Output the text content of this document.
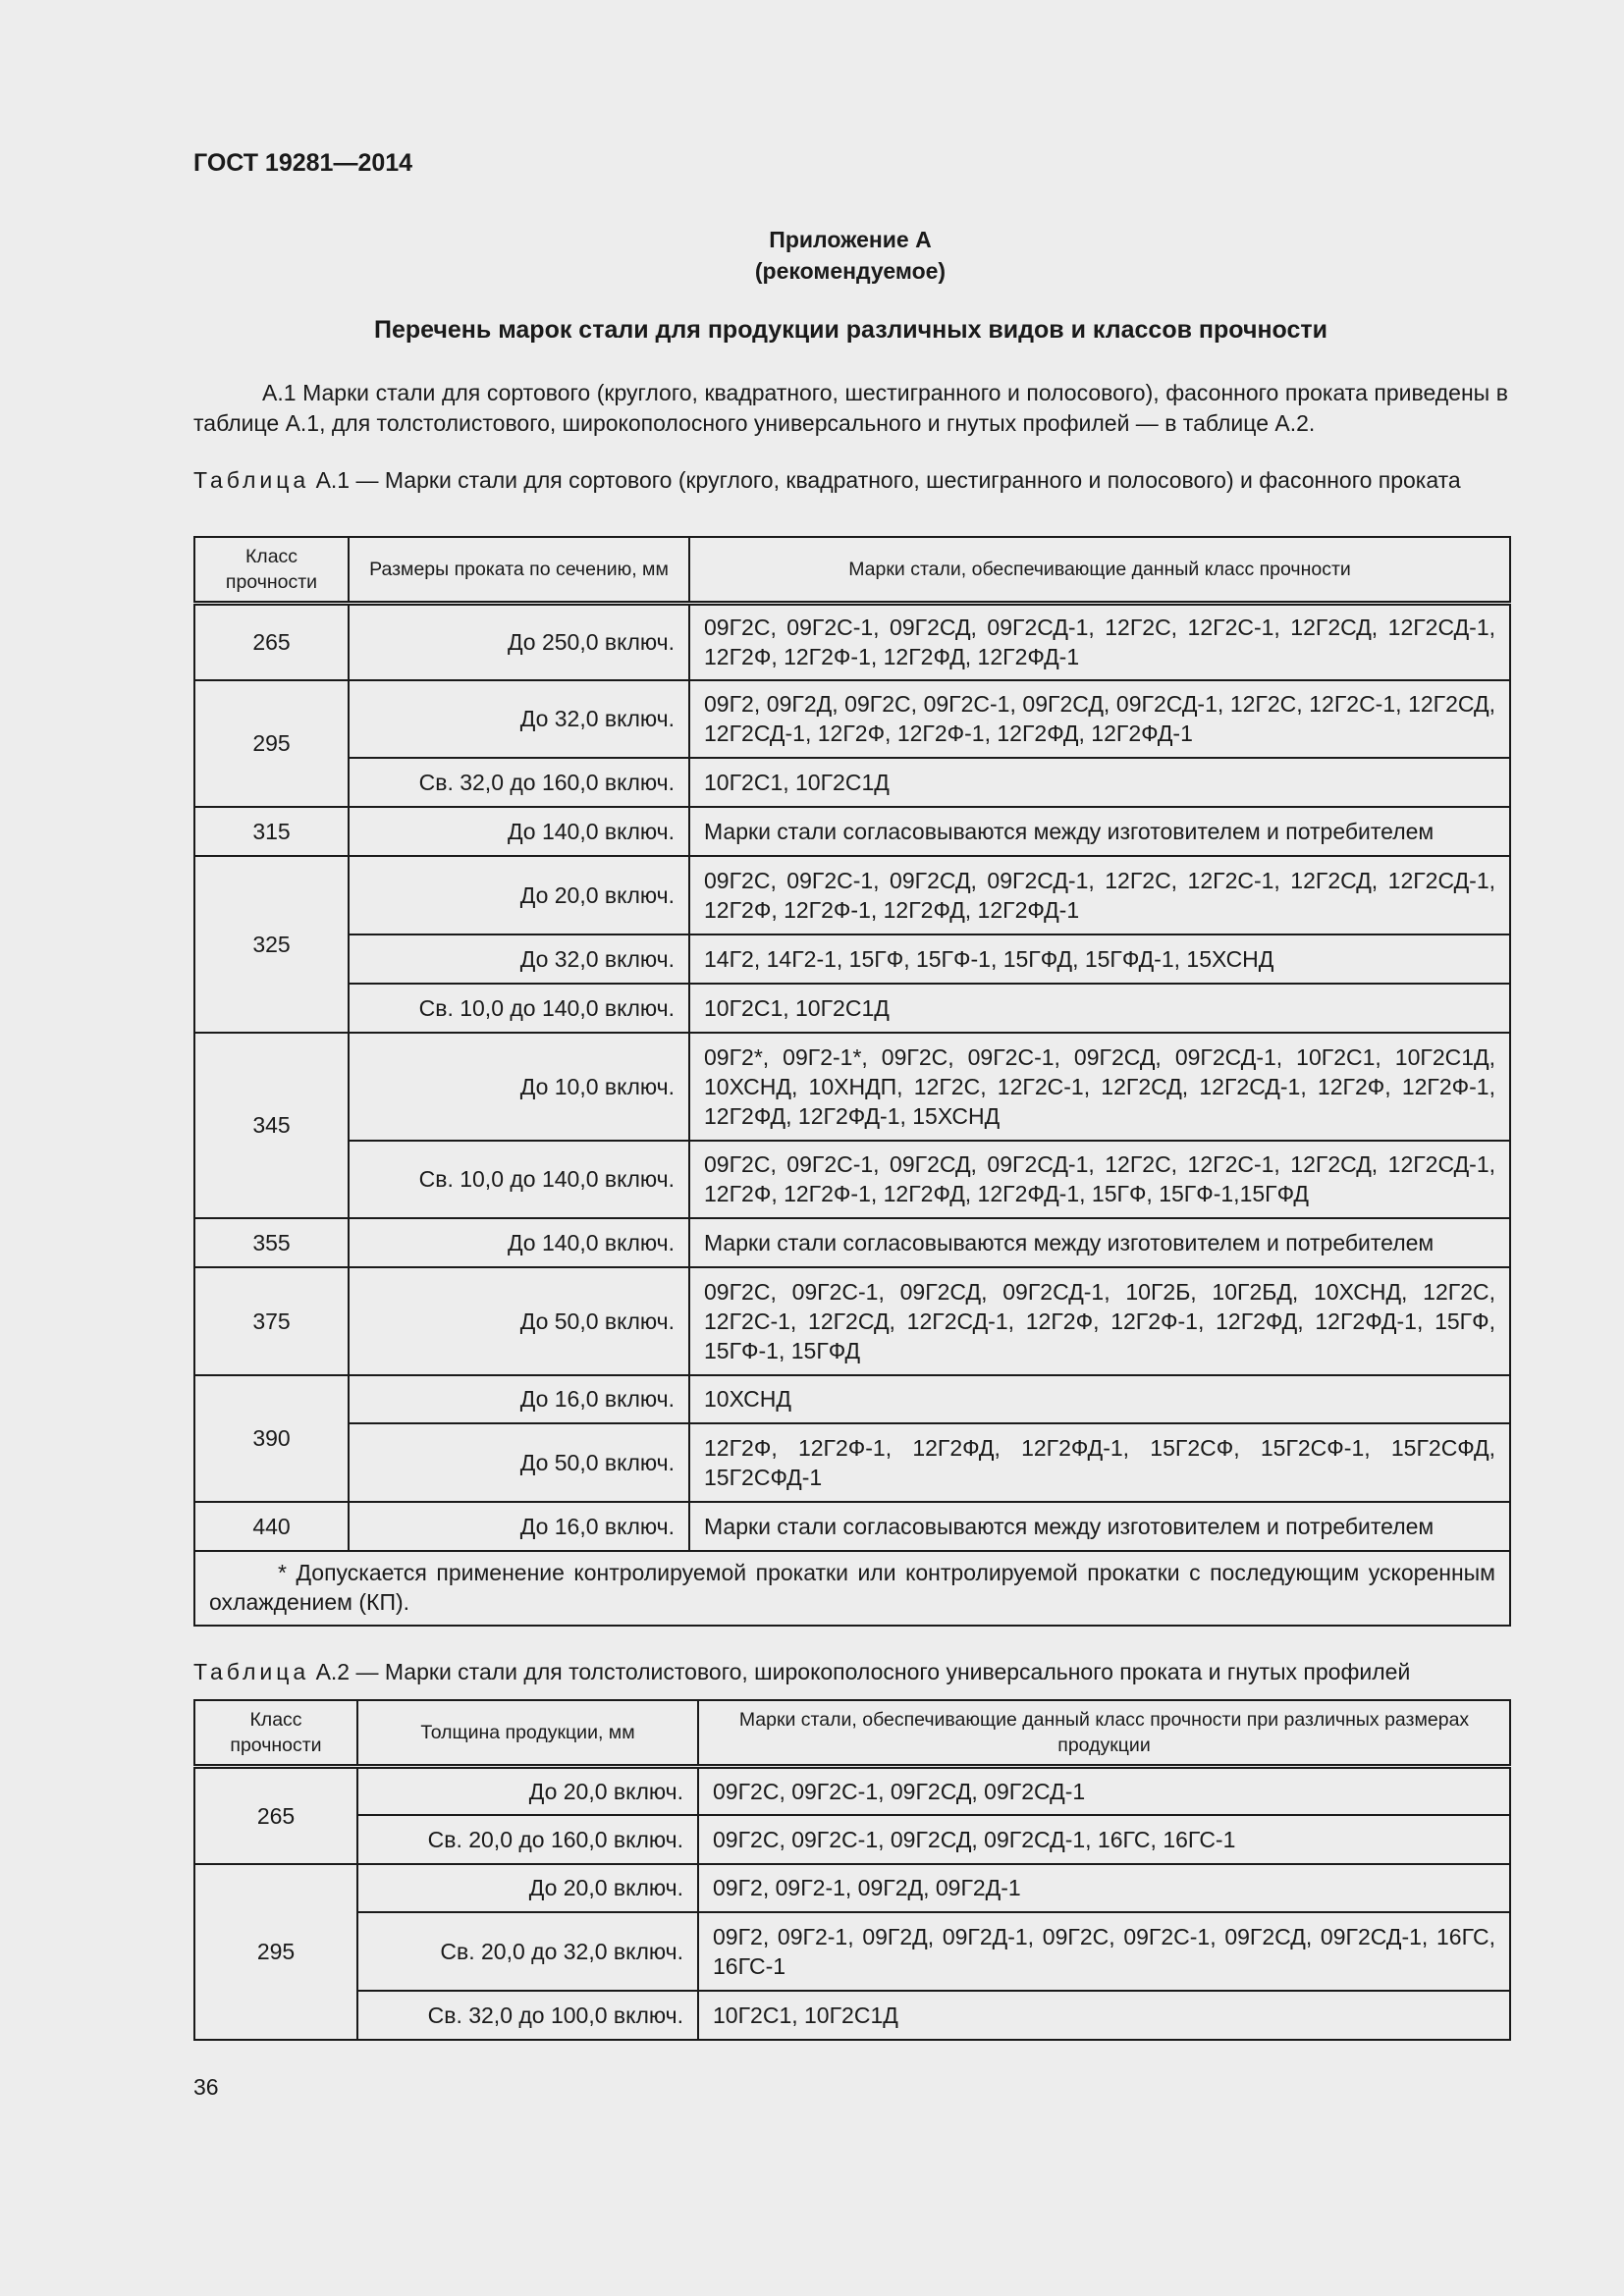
ГОСТ 19281—2014
Приложение А
(рекомендуемое)
Перечень марок стали для продукции различных видов и классов прочности
А.1 Марки стали для сортового (круглого, квадратного, шестигранного и полосового), фасонного проката приведены в таблице А.1, для толстолистового, широкополосного универсального и гнутых профилей — в таблице А.2.
Таблица А.1 — Марки стали для сортового (круглого, квадратного, шестигранного и полосового) и фасонного проката
Класс прочности	Размеры проката по сечению, мм	Марки стали, обеспечивающие данный класс прочности
265	До 250,0 включ.	09Г2С, 09Г2С-1, 09Г2СД, 09Г2СД-1, 12Г2С, 12Г2С-1, 12Г2СД, 12Г2СД-1, 12Г2Ф, 12Г2Ф-1, 12Г2ФД, 12Г2ФД-1
295	До 32,0 включ.	09Г2, 09Г2Д, 09Г2С, 09Г2С-1, 09Г2СД, 09Г2СД-1, 12Г2С, 12Г2С-1, 12Г2СД, 12Г2СД-1, 12Г2Ф, 12Г2Ф-1, 12Г2ФД, 12Г2ФД-1
	Св. 32,0 до 160,0 включ.	10Г2С1, 10Г2С1Д
315	До 140,0 включ.	Марки стали согласовываются между изготовителем и потребителем
325	До 20,0 включ.	09Г2С, 09Г2С-1, 09Г2СД, 09Г2СД-1, 12Г2С, 12Г2С-1, 12Г2СД, 12Г2СД-1, 12Г2Ф, 12Г2Ф-1, 12Г2ФД, 12Г2ФД-1
	До 32,0 включ.	14Г2, 14Г2-1, 15ГФ, 15ГФ-1, 15ГФД, 15ГФД-1, 15ХСНД
	Св. 10,0 до 140,0 включ.	10Г2С1, 10Г2С1Д
345	До 10,0 включ.	09Г2*, 09Г2-1*, 09Г2С, 09Г2С-1, 09Г2СД, 09Г2СД-1, 10Г2С1, 10Г2С1Д, 10ХСНД, 10ХНДП, 12Г2С, 12Г2С-1, 12Г2СД, 12Г2СД-1, 12Г2Ф, 12Г2Ф-1, 12Г2ФД, 12Г2ФД-1, 15ХСНД
	Св. 10,0 до 140,0 включ.	09Г2С, 09Г2С-1, 09Г2СД, 09Г2СД-1, 12Г2С, 12Г2С-1, 12Г2СД, 12Г2СД-1, 12Г2Ф, 12Г2Ф-1, 12Г2ФД, 12Г2ФД-1, 15ГФ, 15ГФ-1,15ГФД
355	До 140,0 включ.	Марки стали согласовываются между изготовителем и потребителем
375	До 50,0 включ.	09Г2С, 09Г2С-1, 09Г2СД, 09Г2СД-1, 10Г2Б, 10Г2БД, 10ХСНД, 12Г2С, 12Г2С-1, 12Г2СД, 12Г2СД-1, 12Г2Ф, 12Г2Ф-1, 12Г2ФД, 12Г2ФД-1, 15ГФ, 15ГФ-1, 15ГФД
390	До 16,0 включ.	10ХСНД
	До 50,0 включ.	12Г2Ф, 12Г2Ф-1, 12Г2ФД, 12Г2ФД-1, 15Г2СФ, 15Г2СФ-1, 15Г2СФД, 15Г2СФД-1
440	До 16,0 включ.	Марки стали согласовываются между изготовителем и потребителем
* Допускается применение контролируемой прокатки или контролируемой прокатки с последующим ускоренным охлаждением (КП).		
Таблица А.2 — Марки стали для толстолистового, широкополосного универсального проката и гнутых профилей
Класс прочности	Толщина продукции, мм	Марки стали, обеспечивающие данный класс прочности при различных размерах продукции
265	До 20,0 включ.	09Г2С, 09Г2С-1, 09Г2СД, 09Г2СД-1
	Св. 20,0 до 160,0 включ.	09Г2С, 09Г2С-1, 09Г2СД, 09Г2СД-1, 16ГС, 16ГС-1
295	До 20,0 включ.	09Г2, 09Г2-1, 09Г2Д, 09Г2Д-1
	Св. 20,0 до 32,0 включ.	09Г2, 09Г2-1, 09Г2Д, 09Г2Д-1, 09Г2С, 09Г2С-1, 09Г2СД, 09Г2СД-1, 16ГС, 16ГС-1
	Св. 32,0 до 100,0 включ.	10Г2С1, 10Г2С1Д
36
